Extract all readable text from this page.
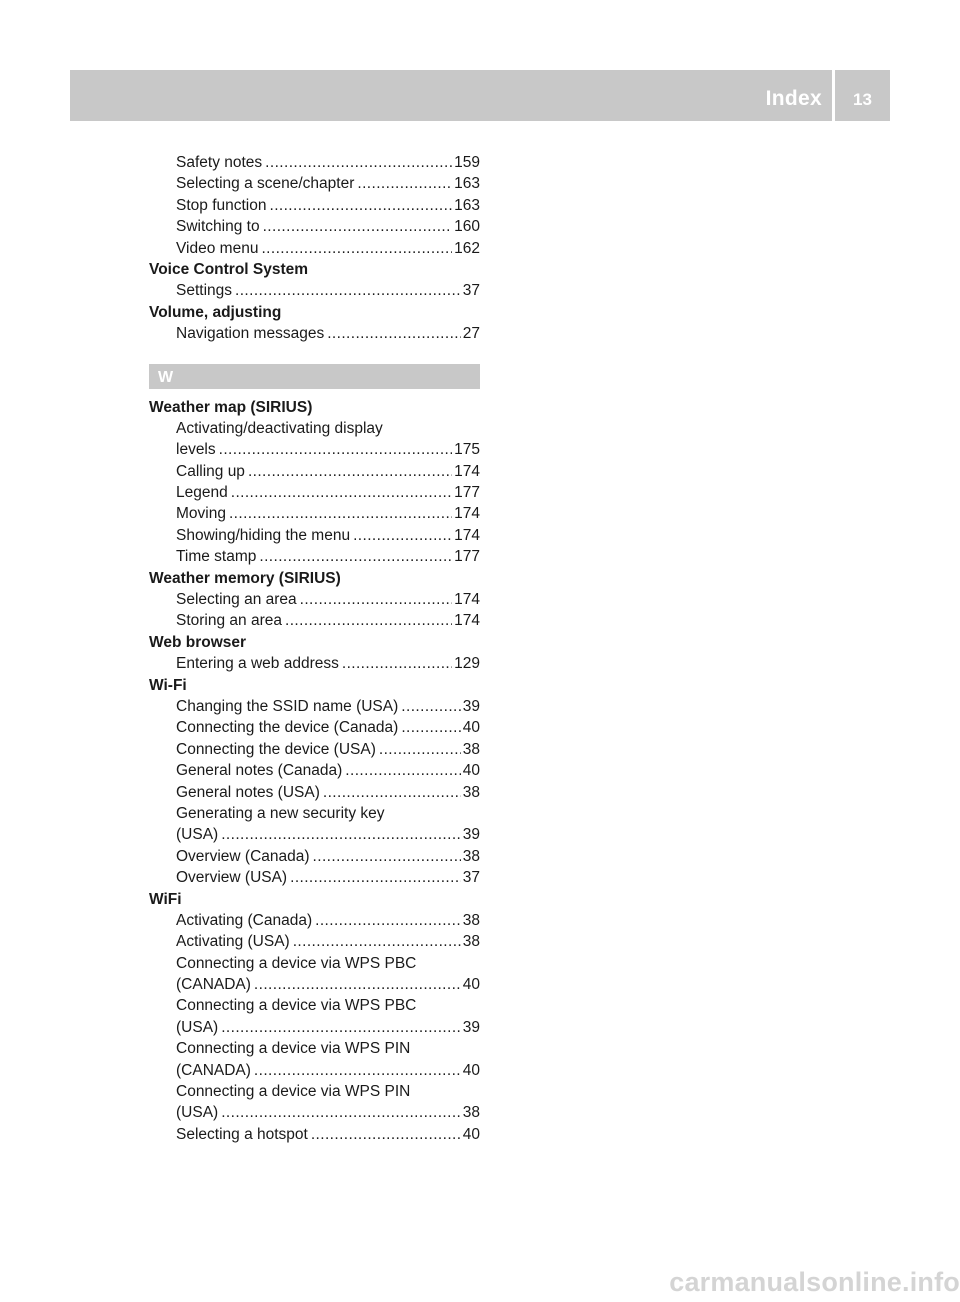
Index	13
Safety notes .....	159
Selecting a scene/chapter .....	163
Stop function .....	163
Switching to .....	160
Video menu .....	162
Voice Control System
Settings .....	37
Volume, adjusting
Navigation messages .....	27
W
Weather map (SIRIUS)
Activating/deactivating display
levels .....	175
Calling up .....	174
Legend .....	177
Moving .....	174
Showing/hiding the menu .....	174
Time stamp .....	177
Weather memory (SIRIUS)
Selecting an area .....	174
Storing an area .....	174
Web browser
Entering a web address .....	129
Wi-Fi
Changing the SSID name (USA) .....	39
Connecting the device (Canada) .....	40
Connecting the device (USA) .....	38
General notes (Canada) .....	40
General notes (USA) .....	38
Generating a new security key
(USA) .....	39
Overview (Canada) .....	38
Overview (USA) .....	37
WiFi
Activating (Canada) .....	38
Activating (USA) .....	38
Connecting a device via WPS PBC
(CANADA) .....	40
Connecting a device via WPS PBC
(USA) .....	39
Connecting a device via WPS PIN
(CANADA) .....	40
Connecting a device via WPS PIN
(USA) .....	38
Selecting a hotspot .....	40
carmanualsonline.info
